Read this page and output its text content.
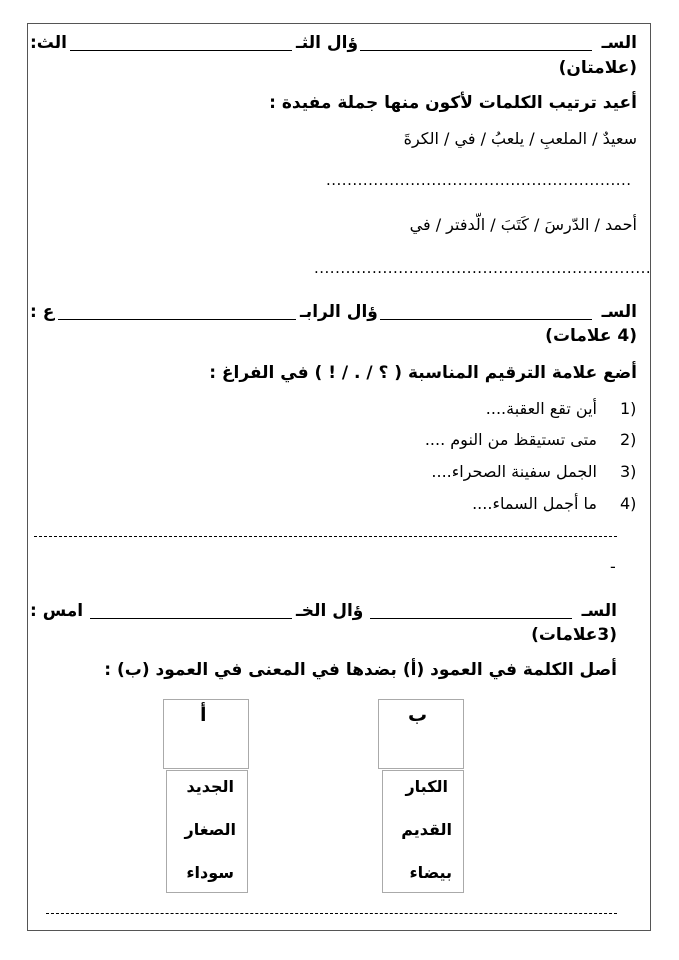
السـ
ؤال الثـ
الث:
(علامتان)
أعيد ترتيب الكلمات لأكون منها جملة مفيدة :
سعيدٌ / الملعبِ / يلعبُ / في / الكرةَ
..........................................................
أحمد / الدّرسَ / كَتَبَ / الّدفتر / في
................................................................
السـ
ؤال الرابـ
ع :
(4 علامات)
أضع علامة الترقيم المناسبة ( ؟ / . / ! ) في الفراغ :
1)
أين تقع العقبة....
2)
متى تستيقظ من النوم ....
3)
الجمل سفينة الصحراء....
4)
ما أجمل السماء....
-
السـ
ؤال الخـ
امس :
(3علامات)
أصل الكلمة في العمود (أ) بضدها في المعنى في العمود (ب) :
ب
الكبار
القديم
بيضاء
أ
الجديد
الصغار
سوداء
